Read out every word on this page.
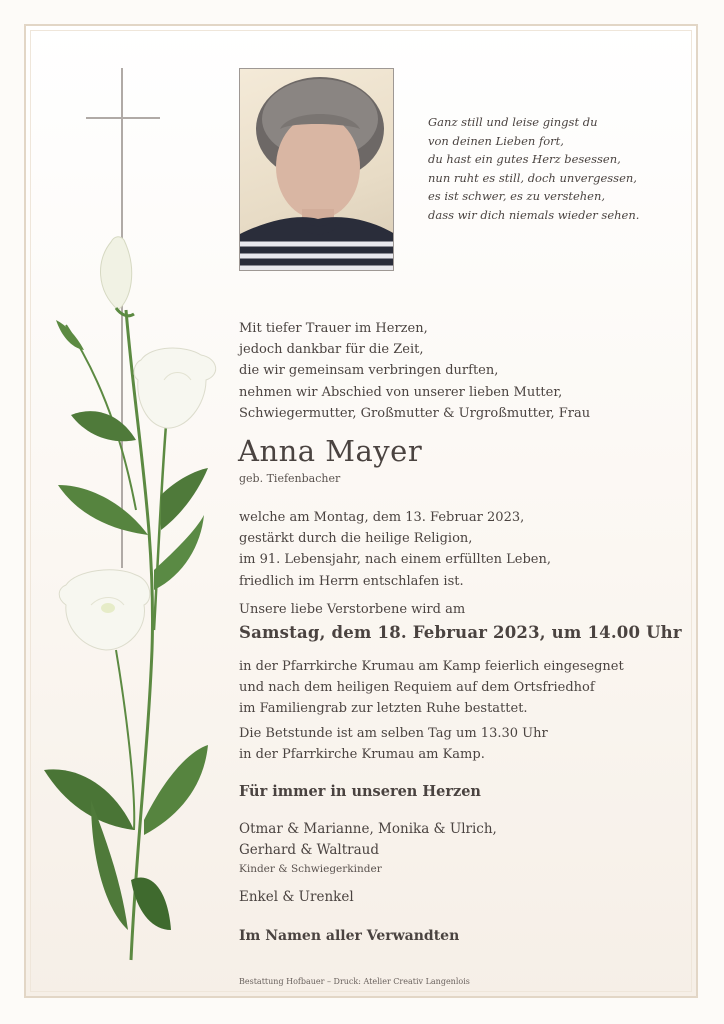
Ganz still und leise gingst du
von deinen Lieben fort,
du hast ein gutes Herz besessen,
nun ruht es still, doch unvergessen,
es ist schwer, es zu verstehen,
dass wir dich niemals wieder sehen.
Mit tiefer Trauer im Herzen,
jedoch dankbar für die Zeit,
die wir gemeinsam verbringen durften,
nehmen wir Abschied von unserer lieben Mutter,
Schwiegermutter, Großmutter & Urgroßmutter, Frau
Anna Mayer
geb. Tiefenbacher
welche am Montag, dem 13. Februar 2023,
gestärkt durch die heilige Religion,
im 91. Lebensjahr, nach einem erfüllten Leben,
friedlich im Herrn entschlafen ist.
Unsere liebe Verstorbene wird am
Samstag, dem 18. Februar 2023, um 14.00 Uhr
in der Pfarrkirche Krumau am Kamp feierlich eingesegnet
und nach dem heiligen Requiem auf dem Ortsfriedhof
im Familiengrab zur letzten Ruhe bestattet.
Die Betstunde ist am selben Tag um 13.30 Uhr
in der Pfarrkirche Krumau am Kamp.
Für immer in unseren Herzen
Otmar & Marianne, Monika & Ulrich,
Gerhard & Waltraud
Kinder & Schwiegerkinder
Enkel & Urenkel
Im Namen aller Verwandten
Bestattung Hofbauer – Druck: Atelier Creativ Langenlois
